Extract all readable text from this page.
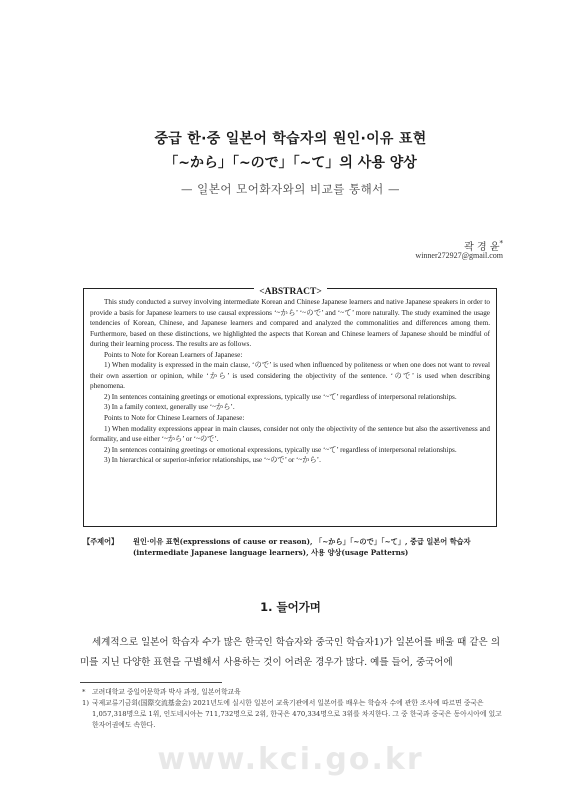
중급 한·중 일본어 학습자의 원인·이유 표현
「~から」「~ので」「~て」의 사용 양상
— 일본어 모어화자와의 비교를 통해서 —
곽 경 윤*
winner272927@gmail.com
<ABSTRACT>

This study conducted a survey involving intermediate Korean and Chinese Japanese learners and native Japanese speakers in order to provide a basis for Japanese learners to use causal expressions ‘~から’ ‘~ので’ and ‘~て’ more naturally. The study examined the usage tendencies of Korean, Chinese, and Japanese learners and compared and analyzed the commonalities and differences among them. Furthermore, based on these distinctions, we highlighted the aspects that Korean and Chinese learners of Japanese should be mindful of during their learning process. The results are as follows.

Points to Note for Korean Learners of Japanese:

1) When modality is expressed in the main clause, ‘ので’ is used when influenced by politeness or when one does not want to reveal their own assertion or opinion, while ‘から’ is used considering the objectivity of the sentence. ‘ので’ is used when describing phenomena.

2) In sentences containing greetings or emotional expressions, typically use ‘~て’ regardless of interpersonal relationships.

3) In a family context, generally use ‘~から’.

Points to Note for Chinese Learners of Japanese:

1) When modality expressions appear in main clauses, consider not only the objectivity of the sentence but also the assertiveness and formality, and use either ‘~から’ or ‘~ので’.

2) In sentences containing greetings or emotional expressions, typically use ‘~て’ regardless of interpersonal relationships.

3) In hierarchical or superior-inferior relationships, use ‘~ので’ or ‘~から’.

【주제어】 원인·이유 표현(expressions of cause or reason), 「~から」「~ので」「~て」, 중급 일본어 학습자(intermediate Japanese language learners), 사용 양상(usage Patterns)
1. 들어가며

세계적으로 일본어 학습자 수가 많은 한국인 학습자와 중국인 학습자1)가 일본어를 배울 때 같은 의미를 지닌 다양한 표현을 구별해서 사용하는 것이 어려운 경우가 많다. 예를 들어, 중국어에

* 고려대학교 중일어문학과 박사 과정, 일본어학교육
1) 국제교류기금회(国際交流基金会) 2021년도에 실시한 일본어 교육기관에서 일본어를 배우는 학습자 수에 관한 조사에 따르면 중국은 1,057,318명으로 1위, 인도네시아는 711,732명으로 2위, 한국은 470,334명으로 3위를 차지한다. 그 중 한국과 중국은 동아시아에 있고 한자어권에도 속한다.
www.kci.go.kr
